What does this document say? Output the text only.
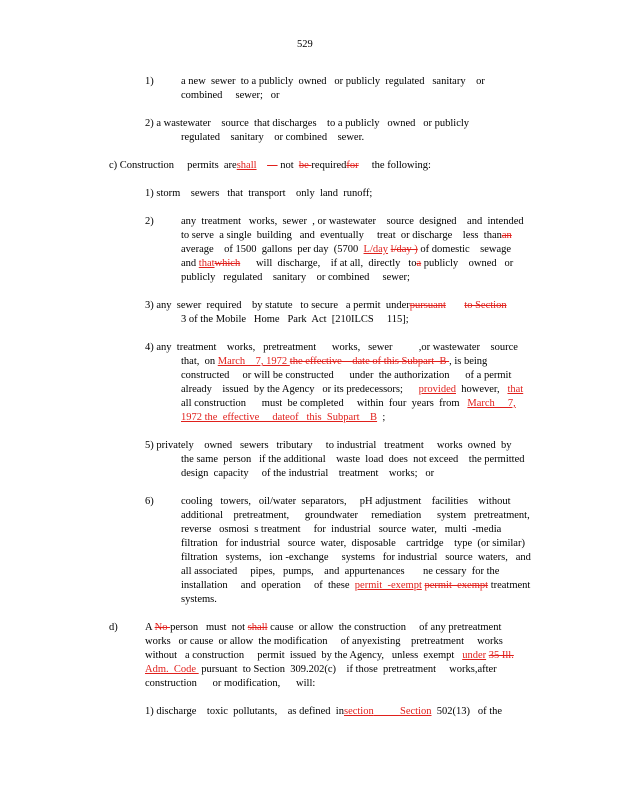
529
1)	a new  sewer  to a publicly  owned   or publicly  regulated   sanitary    or
combined     sewer;   or
2) a wastewater    source  that discharges    to a publicly   owned   or publicly
regulated    sanitary    or combined    sewer.
c) Construction     permits  areshall         not  be requiredfor     the following:
1) storm    sewers   that  transport    only  land  runoff;
2)	any  treatment   works,  sewer  , or wastewater    source  designed    and  intended
to serve  a single  building   and  eventually     treat  or discharge    less  thanan
average    of 1500  gallons  per day  (5700  L/day l/day ) of domestic    sewage
and thatwhich      will  discharge,    if at all,  directly   toa publicly    owned   or
publicly   regulated    sanitary    or combined     sewer;
3) any  sewer  required    by statute   to secure   a permit  underpursuant to Section
3 of the Mobile   Home   Park  Act  [210ILCS     115];
4) any  treatment    works,   pretreatment      works,   sewer          ,or wastewater    source
that,  on March    7, 1972 the effective    date of this Subpart  B , is being
constructed     or will be constructed      under  the authorization      of a permit
already    issued  by the Agency   or its predecessors;      provided  however,   that
all construction      must  be completed     within  four  years  from   March     7,
1972 the  effective     dateof   this  Subpart    B  ;
5) privately    owned   sewers   tributary     to industrial   treatment     works  owned  by
the same  person   if the additional    waste  load  does  not exceed    the permitted
design  capacity     of the industrial    treatment    works;   or
6)	cooling   towers,   oil/water  separators,     pH adjustment    facilities    without
additional    pretreatment,      groundwater     remediation      system   pretreatment,
reverse   osmosi  s treatment     for  industrial   source  water,   multi  -media
filtration   for industrial   source  water,  disposable    cartridge    type  (or similar)
filtration   systems,   ion -exchange     systems   for industrial   source  waters,   and
all associated     pipes,   pumps,    and  appurtenances       ne cessary  for the
installation     and  operation     of  these  permit  -exempt permit  exempt treatment
systems.
d)	A No person   must  not shall cause  or allow  the construction     of any pretreatment
works   or cause  or allow  the modification     of anyexisting    pretreatment     works
without   a construction     permit  issued  by the Agency,   unless  exempt   under 35 Ill.
Adm.  Code  pursuant  to Section  309.202(c)    if those  pretreatment     works,after
construction      or modification,      will:
1) discharge    toxic  pollutants,    as defined  insection	Section  502(13)   of the
